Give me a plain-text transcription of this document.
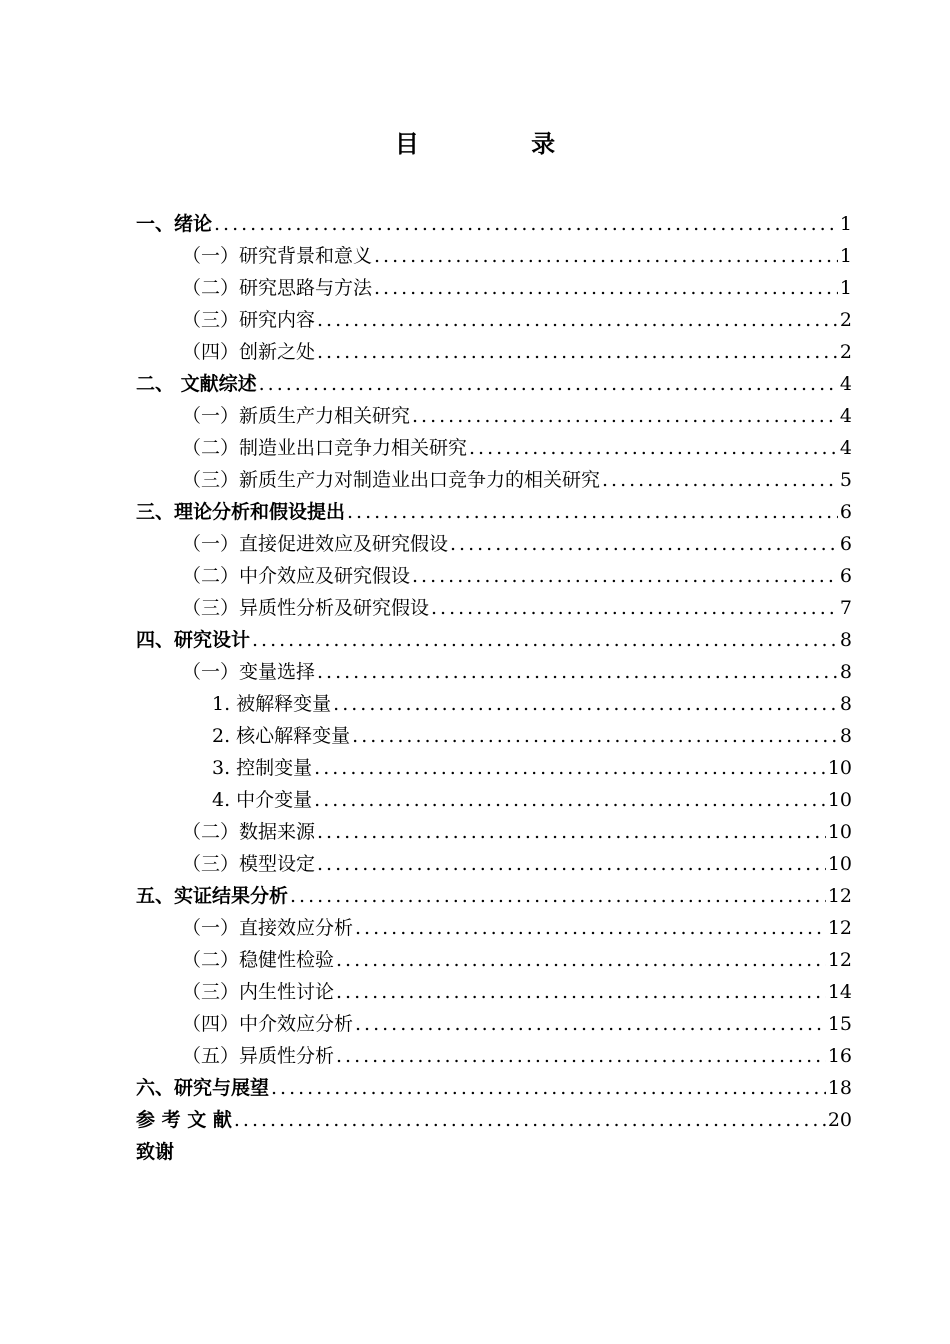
目 录
一、绪论 .....	1
（一）研究背景和意义 .....	1
（二）研究思路与方法 .....	1
（三）研究内容 .....	2
（四）创新之处 .....	2
二、 文献综述 .....	4
（一）新质生产力相关研究 .....	4
（二）制造业出口竞争力相关研究 .....	4
（三）新质生产力对制造业出口竞争力的相关研究 .....	5
三、理论分析和假设提出 .....	6
（一）直接促进效应及研究假设 .....	6
（二）中介效应及研究假设 .....	6
（三）异质性分析及研究假设 .....	7
四、研究设计 .....	8
（一）变量选择 .....	8
1. 被解释变量 .....	8
2. 核心解释变量 .....	8
3. 控制变量 .....	10
4. 中介变量 .....	10
（二）数据来源 .....	10
（三）模型设定 .....	10
五、实证结果分析 .....	12
（一）直接效应分析 .....	12
（二）稳健性检验 .....	12
（三）内生性讨论 .....	14
（四）中介效应分析 .....	15
（五）异质性分析 .....	16
六、研究与展望 .....	18
参 考 文 献 .....	20
致谢
